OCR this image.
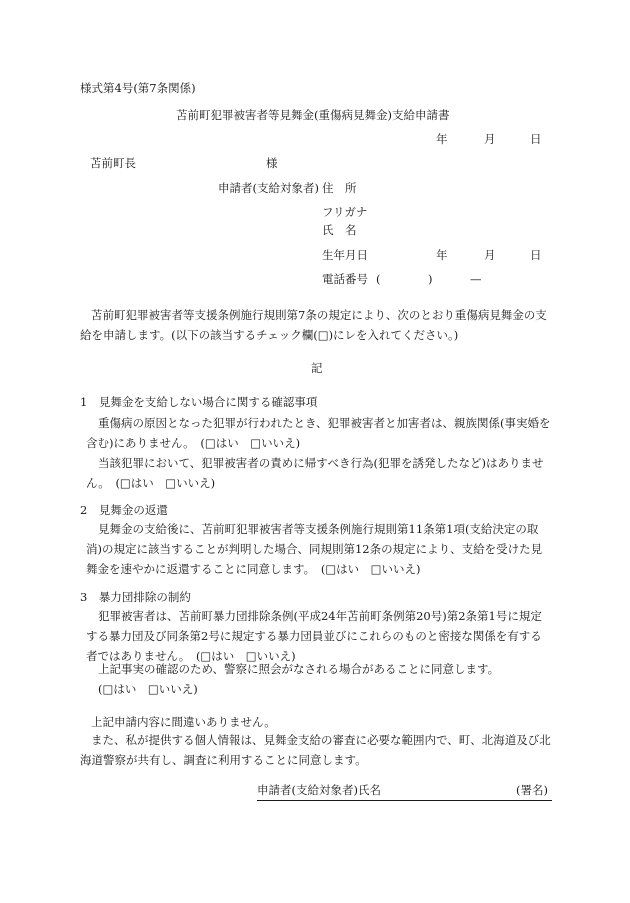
様式第4号(第7条関係)
苫前町犯罪被害者等見舞金(重傷病見舞金)支給申請書
年	月	日
苫前町長	様
申請者(支給対象者) 住　所
フリガナ
氏　名
生年月日	年	月	日
電話番号 (	)	—
苫前町犯罪被害者等支援条例施行規則第7条の規定により、次のとおり重傷病見舞金の支給を申請します。(以下の該当するチェック欄(□)にレを入れてください。)
記
1　見舞金を支給しない場合に関する確認事項
重傷病の原因となった犯罪が行われたとき、犯罪被害者と加害者は、親族関係(事実婚を含む)にありません。　(□はい　□いいえ)
当該犯罪において、犯罪被害者の責めに帰すべき行為(犯罪を誘発したなど)はありません。　(□はい　□いいえ)
2　見舞金の返還
見舞金の支給後に、苫前町犯罪被害者等支援条例施行規則第11条第1項(支給決定の取消)の規定に該当することが判明した場合、同規則第12条の規定により、支給を受けた見舞金を速やかに返還することに同意します。　(□はい　□いいえ)
3　暴力団排除の制約
犯罪被害者は、苫前町暴力団排除条例(平成24年苫前町条例第20号)第2条第1号に規定する暴力団及び同条第2号に規定する暴力団員並びにこれらのものと密接な関係を有する者ではありません。　(□はい　□いいえ)
上記事実の確認のため、警察に照会がなされる場合があることに同意します。
(□はい　□いいえ)
上記申請内容に間違いありません。
また、私が提供する個人情報は、見舞金支給の審査に必要な範囲内で、町、北海道及び北海道警察が共有し、調査に利用することに同意します。
申請者(支給対象者)氏名	(署名)
